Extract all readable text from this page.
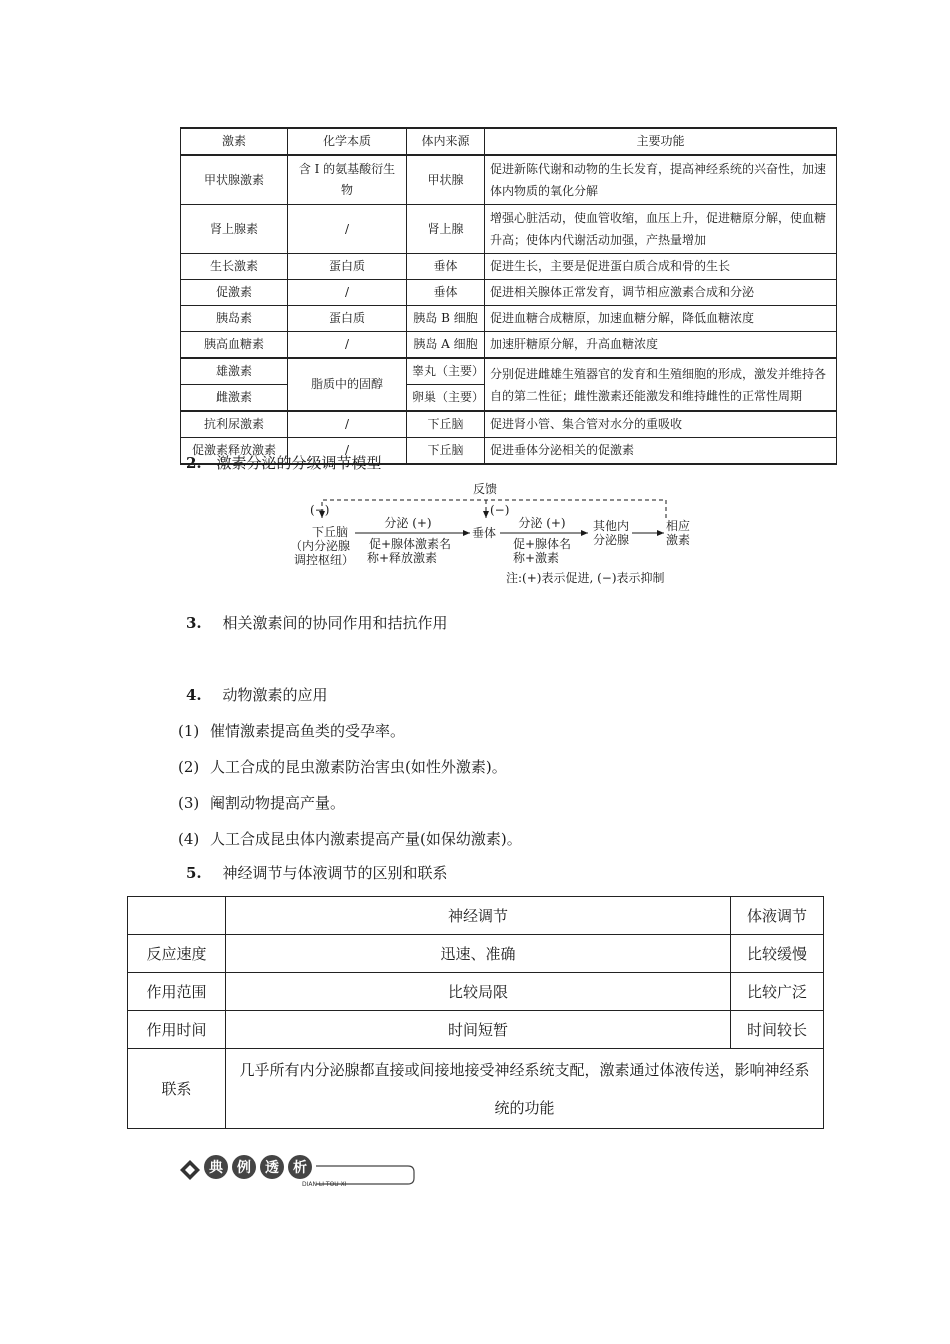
激素	化学本质	体内来源	主要功能
甲状腺激素	含 I 的氨基酸衍生物	甲状腺	促进新陈代谢和动物的生长发育，提高神经系统的兴奋性，加速体内物质的氧化分解
肾上腺素	/	肾上腺	增强心脏活动，使血管收缩，血压上升，促进糖原分解，使血糖升高；使体内代谢活动加强，产热量增加
生长激素	蛋白质	垂体	促进生长，主要是促进蛋白质合成和骨的生长
促激素	/	垂体	促进相关腺体正常发育，调节相应激素合成和分泌
胰岛素	蛋白质	胰岛 B 细胞	促进血糖合成糖原，加速血糖分解，降低血糖浓度
胰高血糖素	/	胰岛 A 细胞	加速肝糖原分解，升高血糖浓度
雄激素	脂质中的固醇	睾丸（主要）	分别促进雌雄生殖器官的发育和生殖细胞的形成，激发并维持各自的第二性征；雌性激素还能激发和维持雌性的正常性周期
雌激素		卵巢（主要）	
抗利尿激素	/	下丘脑	促进肾小管、集合管对水分的重吸收
促激素释放激素	/	下丘脑	促进垂体分泌相关的促激素
2. 激素分泌的分级调节模型
反馈
(−)	(−)
下丘脑
（内分泌腺
调控枢纽）
分泌 (+)
促+腺体激素名
称+释放激素
垂体
分泌 (+)
促+腺体名
称+激素
其他内
分泌腺
相应
激素
注:(+)表示促进, (−)表示抑制
3. 相关激素间的协同作用和拮抗作用
4. 动物激素的应用
(1) 催情激素提高鱼类的受孕率。
(2) 人工合成的昆虫激素防治害虫(如性外激素)。
(3) 阉割动物提高产量。
(4) 人工合成昆虫体内激素提高产量(如保幼激素)。
5. 神经调节与体液调节的区别和联系
	神经调节	体液调节
反应速度	迅速、准确	比较缓慢
作用范围	比较局限	比较广泛
作用时间	时间短暂	时间较长
联系	几乎所有内分泌腺都直接或间接地接受神经系统支配，激素通过体液传送，影响神经系统的功能	
典 例 透 析
DIAN LI TOU XI
